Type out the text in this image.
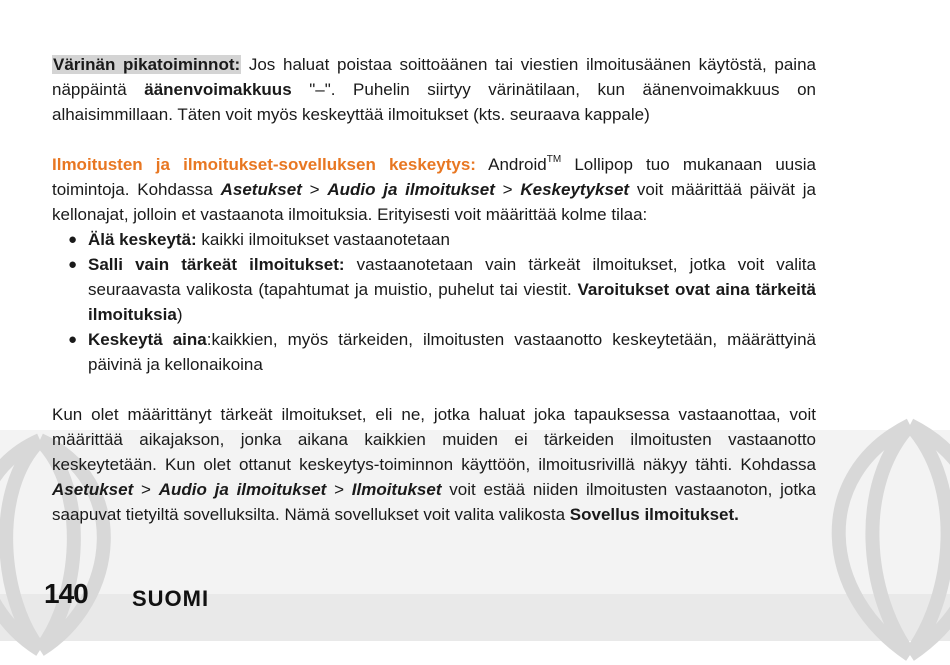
Värinän pikatoiminnot: Jos haluat poistaa soittoäänen tai viestien ilmoitusäänen käytöstä, paina näppäintä äänenvoimakkuus "–". Puhelin siirtyy värinätilaan, kun äänenvoimakkuus on alhaisimmillaan. Täten voit myös keskeyttää ilmoitukset (kts. seuraava kappale)

Ilmoitusten ja ilmoitukset-sovelluksen keskeytys: Android™ Lollipop tuo mukanaan uusia toimintoja. Kohdassa Asetukset > Audio ja ilmoitukset > Keskeytykset voit määrittää päivät ja kellonajat, jolloin et vastaanota ilmoituksia. Erityisesti voit määrittää kolme tilaa:

● Älä keskeytä: kaikki ilmoitukset vastaanotetaan
● Salli vain tärkeät ilmoitukset: vastaanotetaan vain tärkeät ilmoitukset, jotka voit valita seuraavasta valikosta (tapahtumat ja muistio, puhelut tai viestit. Varoitukset ovat aina tärkeitä ilmoituksia)
● Keskeytä aina:kaikkien, myös tärkeiden, ilmoitusten vastaanotto keskeytetään, määrättyinä päivinä ja kellonaikoina

Kun olet määrittänyt tärkeät ilmoitukset, eli ne, jotka haluat joka tapauksessa vastaanottaa, voit määrittää aikajakson, jonka aikana kaikkien muiden ei tärkeiden ilmoitusten vastaanotto keskeytetään. Kun olet ottanut keskeytys-toiminnon käyttöön, ilmoitusrivillä näkyy tähti. Kohdassa Asetukset > Audio ja ilmoitukset > Ilmoitukset voit estää niiden ilmoitusten vastaanoton, jotka saapuvat tietyiltä sovelluksilta. Nämä sovellukset voit valita valikosta Sovellus ilmoitukset.

140 SUOMI
